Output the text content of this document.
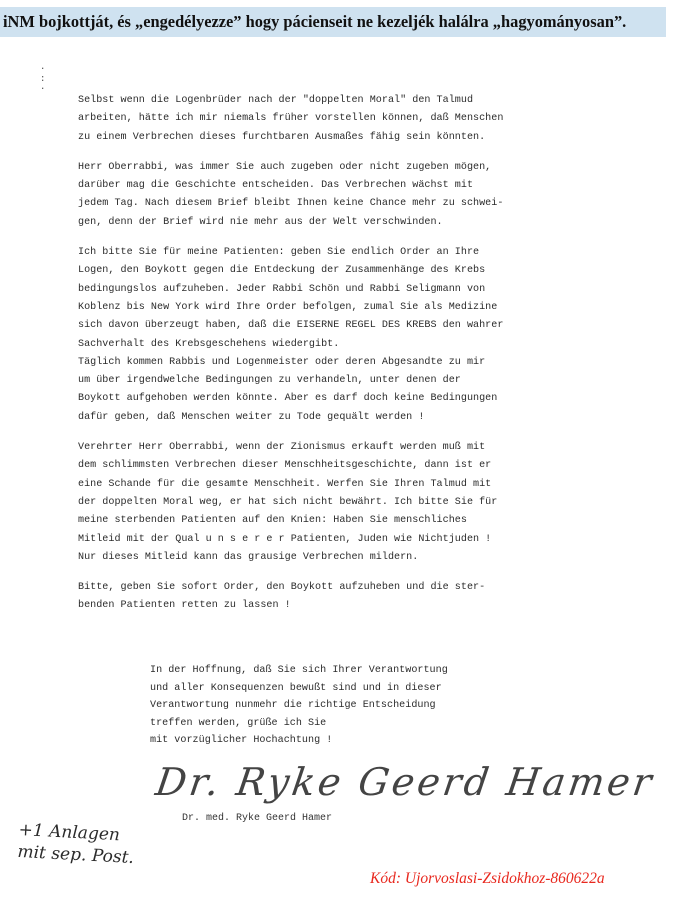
iNM bojkottját, és „engedélyezze” hogy pácienseit ne kezeljék halálra „hagyományosan”.
·
:
·
Selbst wenn die Logenbrüder nach der "doppelten Moral" den Talmud
arbeiten, hätte ich mir niemals früher vorstellen können, daß Menschen
zu einem Verbrechen dieses furchtbaren Ausmaßes fähig sein könnten.
Herr Oberrabbi, was immer Sie auch zugeben oder nicht zugeben mögen,
darüber mag die Geschichte entscheiden. Das Verbrechen wächst mit
jedem Tag. Nach diesem Brief bleibt Ihnen keine Chance mehr zu schwei-
gen, denn der Brief wird nie mehr aus der Welt verschwinden.
Ich bitte Sie für meine Patienten: geben Sie endlich Order an Ihre
Logen, den Boykott gegen die Entdeckung der Zusammenhänge des Krebs
bedingungslos aufzuheben. Jeder Rabbi Schön und Rabbi Seligmann von
Koblenz bis New York wird Ihre Order befolgen, zumal Sie als Medizine
sich davon überzeugt haben, daß die EISERNE REGEL DES KREBS den wahrer
Sachverhalt des Krebsgeschehens wiedergibt.
Täglich kommen Rabbis und Logenmeister oder deren Abgesandte zu mir
um über irgendwelche Bedingungen zu verhandeln, unter denen der
Boykott aufgehoben werden könnte. Aber es darf doch keine Bedingungen
dafür geben, daß Menschen weiter zu Tode gequält werden !
Verehrter Herr Oberrabbi, wenn der Zionismus erkauft werden muß mit
dem schlimmsten Verbrechen dieser Menschheitsgeschichte, dann ist er
eine Schande für die gesamte Menschheit. Werfen Sie Ihren Talmud mit
der doppelten Moral weg, er hat sich nicht bewährt. Ich bitte Sie für
meine sterbenden Patienten auf den Knien: Haben Sie menschliches
Mitleid mit der Qual u n s e r e r Patienten, Juden wie Nichtjuden !
Nur dieses Mitleid kann das grausige Verbrechen mildern.
Bitte, geben Sie sofort Order, den Boykott aufzuheben und die ster-
benden Patienten retten zu lassen !
In der Hoffnung, daß Sie sich Ihrer Verantwortung
und aller Konsequenzen bewußt sind und in dieser
Verantwortung nunmehr die richtige Entscheidung
treffen werden, grüße ich Sie
mit vorzüglicher Hochachtung !
Dr. Ryke Geerd Hamer
Dr. med. Ryke Geerd Hamer
+1 Anlagen
mit sep. Post.
Kód: Ujorvoslasi-Zsidokhoz-860622a
